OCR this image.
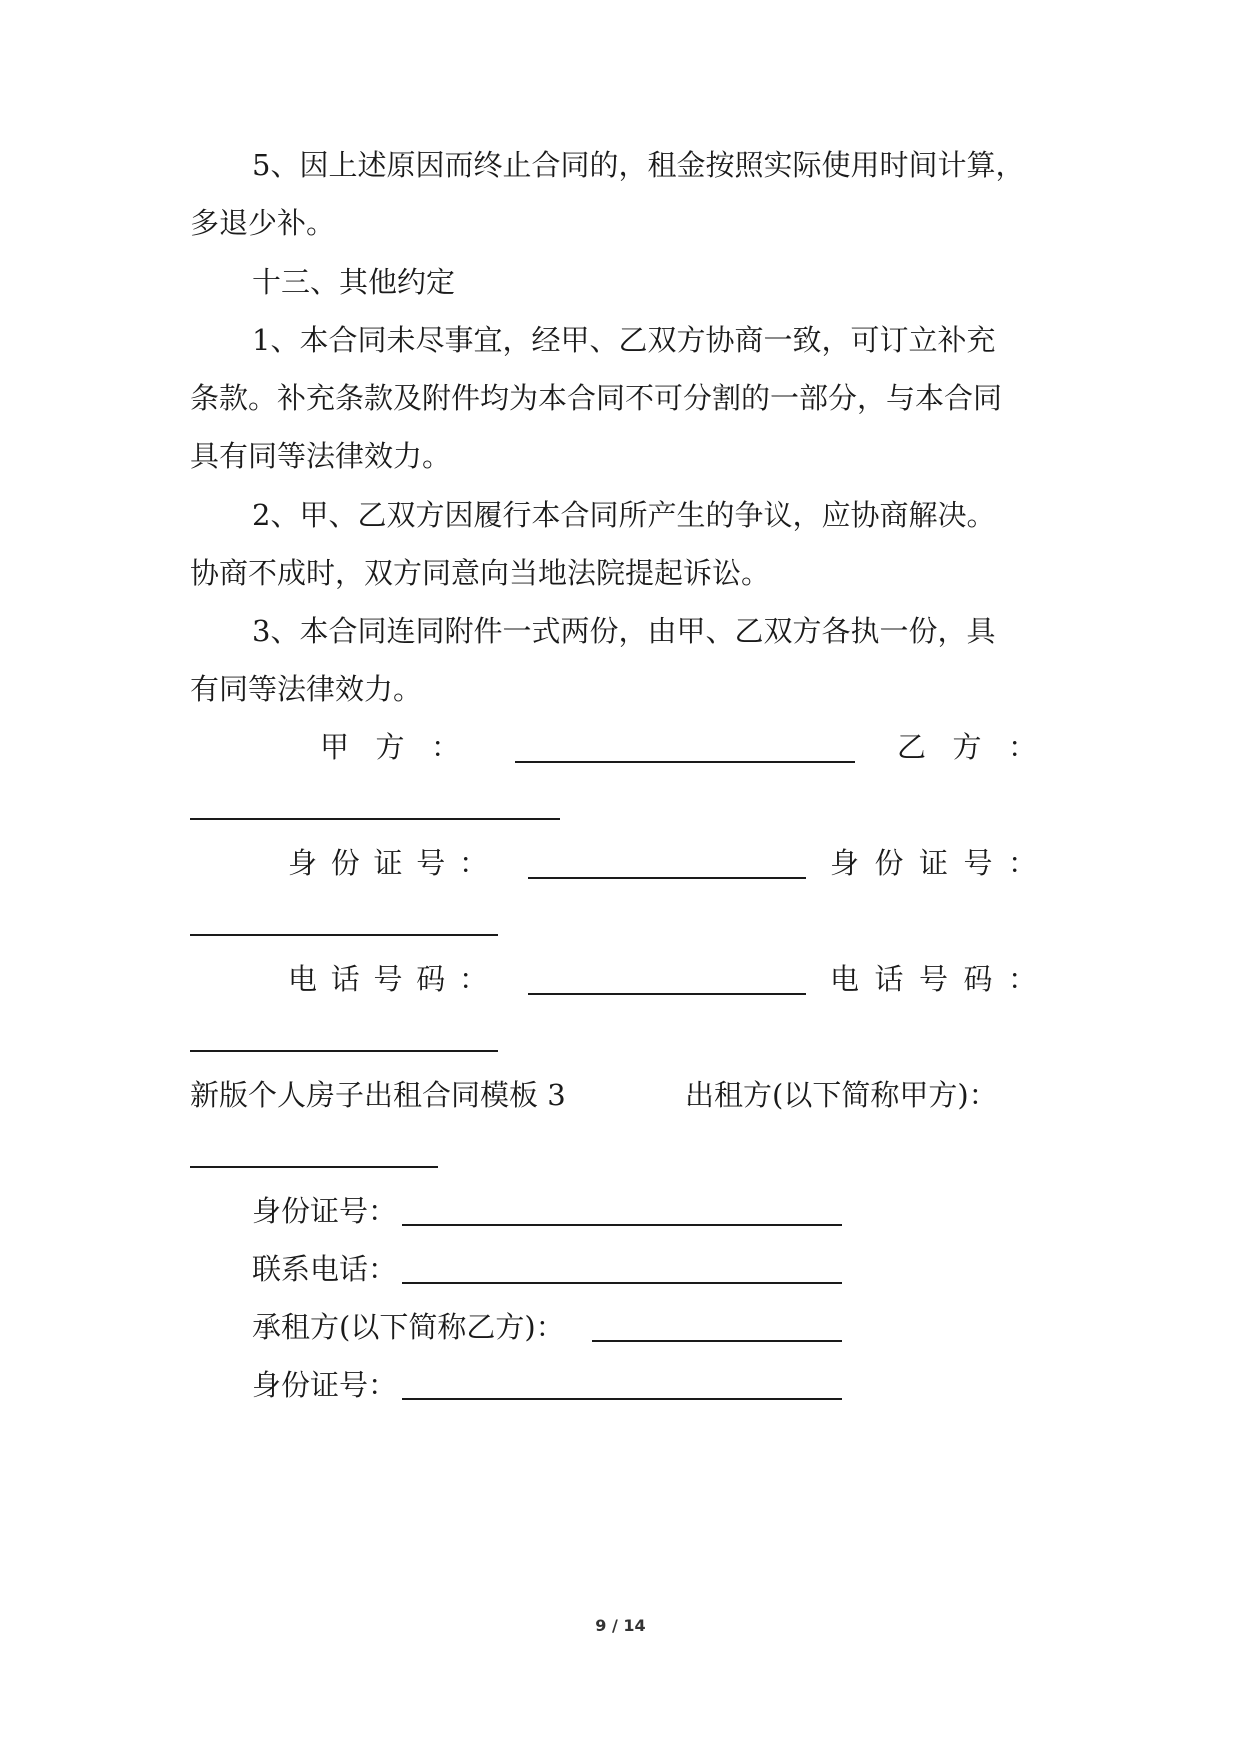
5、因上述原因而终止合同的，租金按照实际使用时间计算，
多退少补。
十三、其他约定
1、本合同未尽事宜，经甲、乙双方协商一致，可订立补充
条款。补充条款及附件均为本合同不可分割的一部分，与本合同
具有同等法律效力。
2、甲、乙双方因履行本合同所产生的争议，应协商解决。
协商不成时，双方同意向当地法院提起诉讼。
3、本合同连同附件一式两份，由甲、乙双方各执一份，具
有同等法律效力。
甲 方 ：	乙 方 ：
身 份 证 号 ：	身 份 证 号 ：
电 话 号 码 ：	电 话 号 码 ：
新版个人房子出租合同模板 3	出租方(以下简称甲方)：
身份证号：
联系电话：
承租方(以下简称乙方)：
身份证号：
9 / 14
